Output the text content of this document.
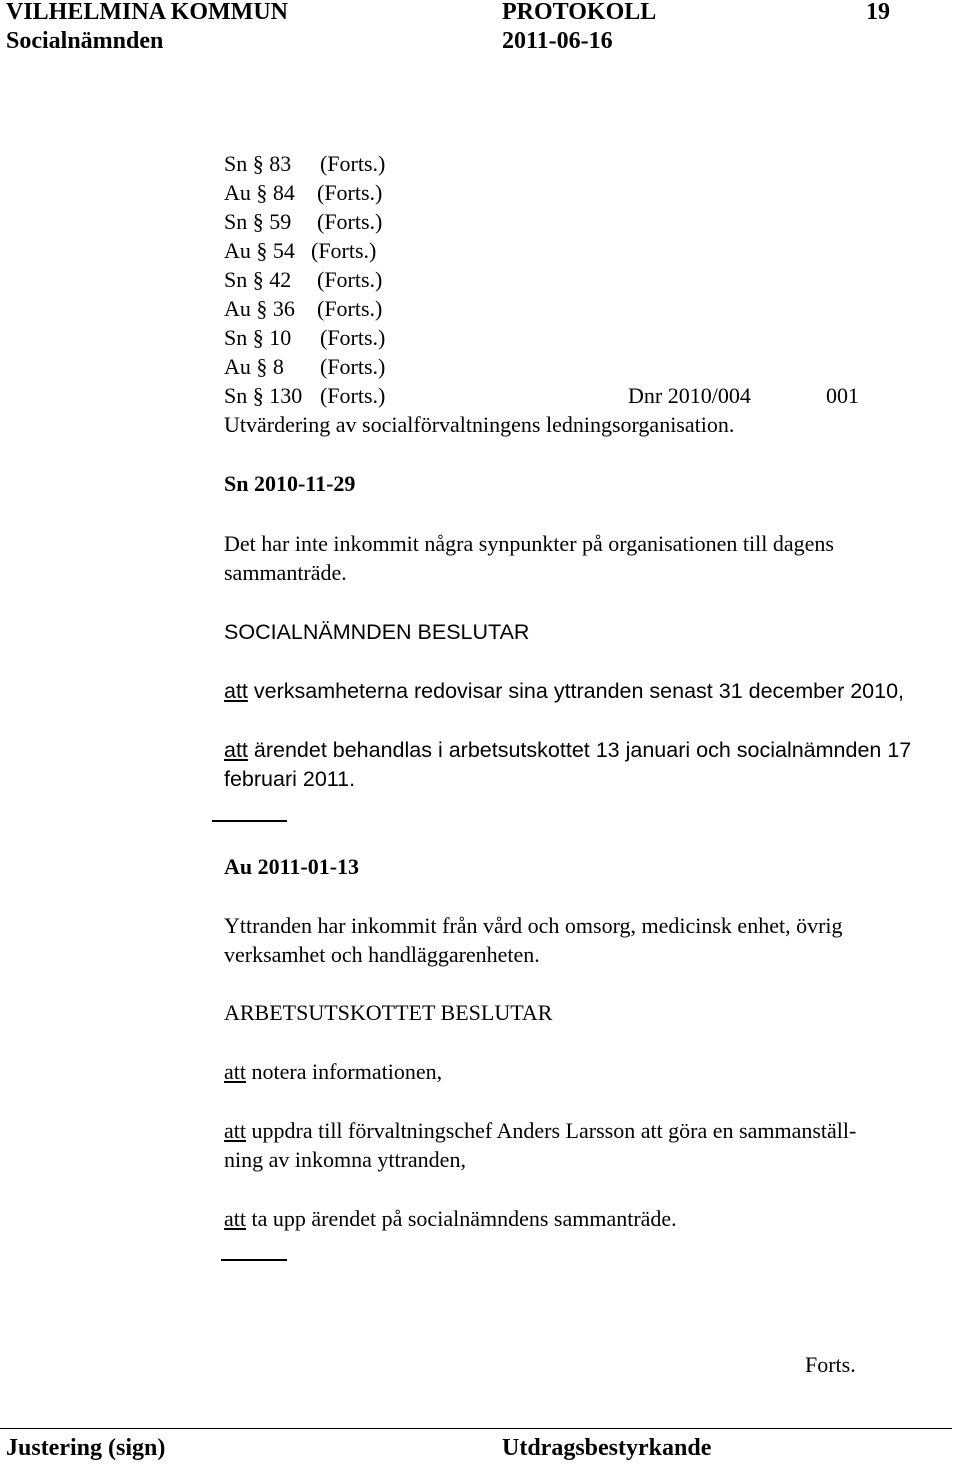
VILHELMINA KOMMUN	PROTOKOLL	19
Socialnämnden	2011-06-16
Sn § 83 (Forts.)
Au § 84 (Forts.)
Sn § 59 (Forts.)
Au § 54 (Forts.)
Sn § 42 (Forts.)
Au § 36 (Forts.)
Sn § 10 (Forts.)
Au § 8 (Forts.)
Sn § 130 (Forts.)	Dnr 2010/004	001
Utvärdering av socialförvaltningens ledningsorganisation.
Sn 2010-11-29
Det har inte inkommit några synpunkter på organisationen till dagens
sammanträde.
SOCIALNÄMNDEN BESLUTAR
att verksamheterna redovisar sina yttranden senast 31 december 2010,
att ärendet behandlas i arbetsutskottet 13 januari och socialnämnden 17
februari 2011.
Au 2011-01-13
Yttranden har inkommit från vård och omsorg, medicinsk enhet, övrig
verksamhet och handläggarenheten.
ARBETSUTSKOTTET BESLUTAR
att notera informationen,
att uppdra till förvaltningschef Anders Larsson att göra en sammanställ-
ning av inkomna yttranden,
att ta upp ärendet på socialnämndens sammanträde.
Forts.
Justering (sign)	Utdragsbestyrkande
